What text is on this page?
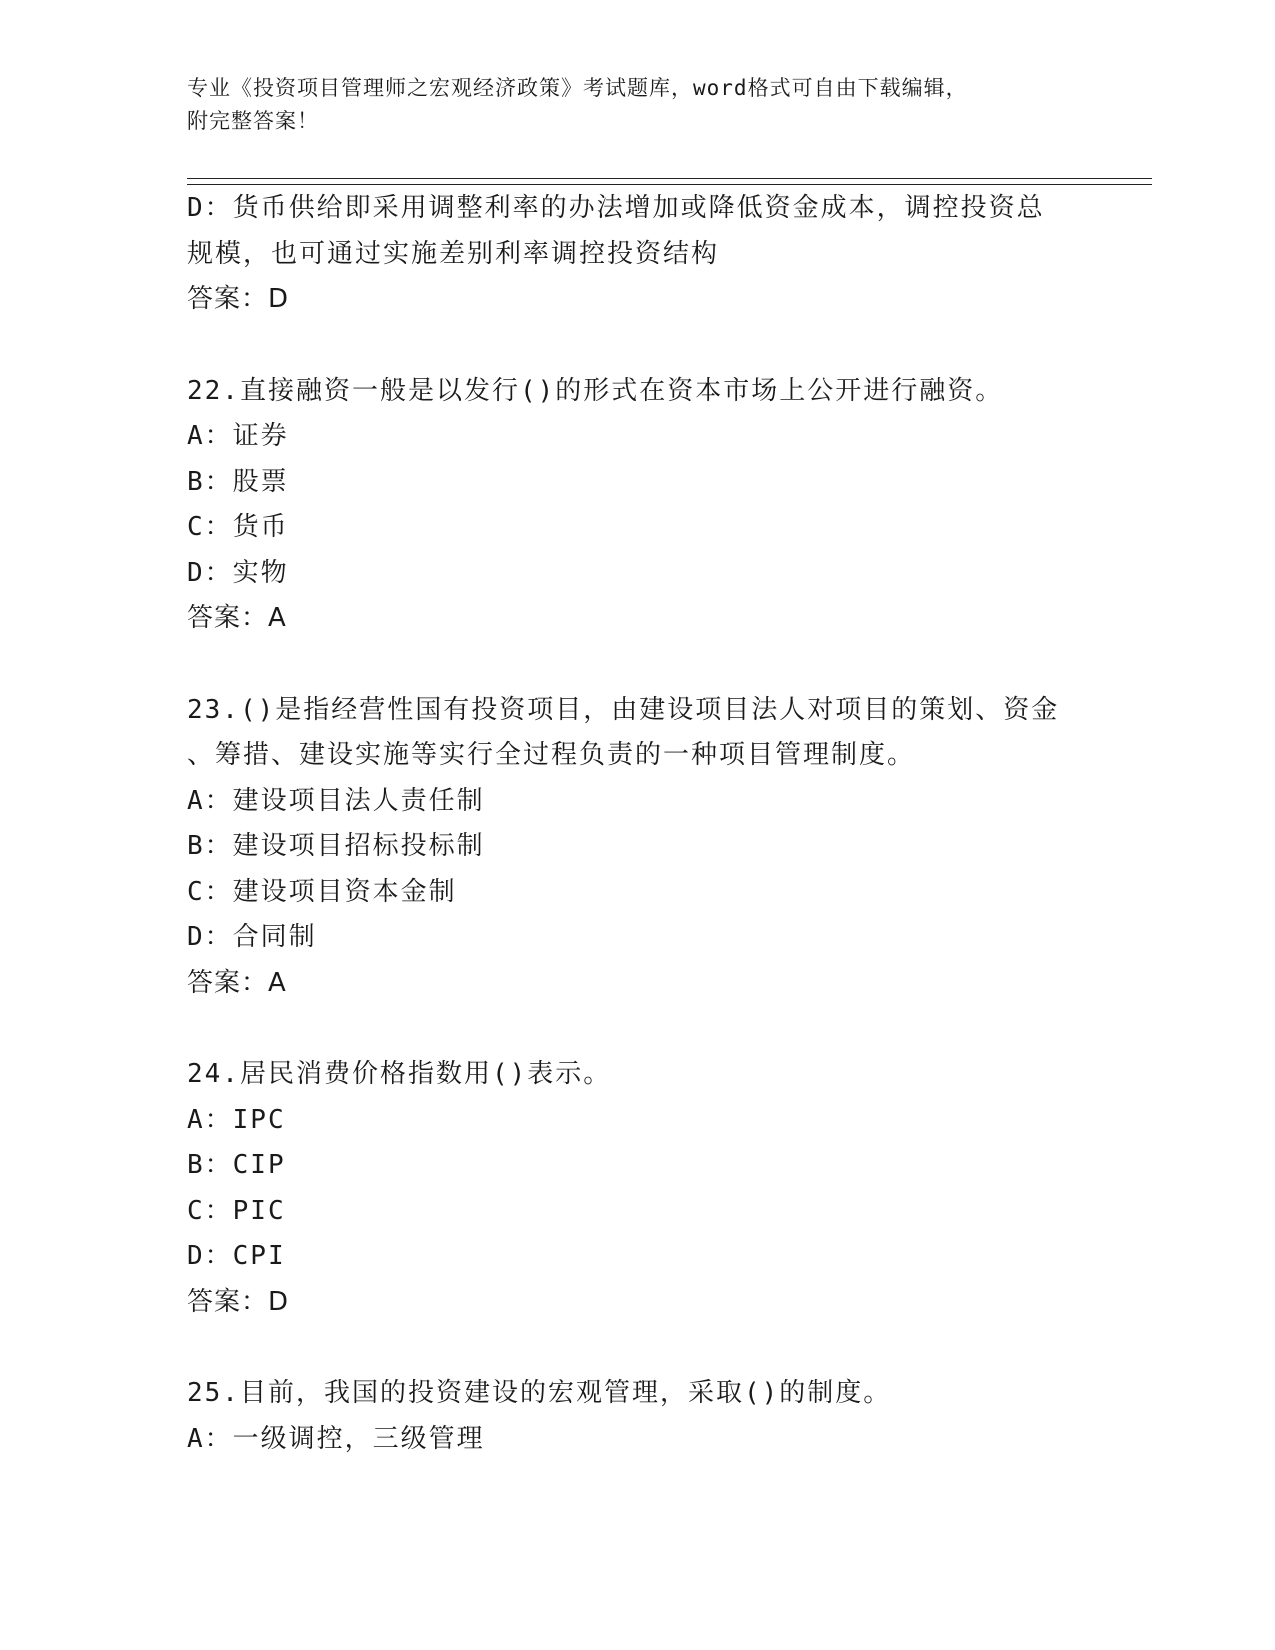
专业《投资项目管理师之宏观经济政策》考试题库，word格式可自由下载编辑，
附完整答案！
D：货币供给即采用调整利率的办法增加或降低资金成本，调控投资总
规模，也可通过实施差别利率调控投资结构
答案：D
22.直接融资一般是以发行()的形式在资本市场上公开进行融资。
A：证券
B：股票
C：货币
D：实物
答案：A
23.()是指经营性国有投资项目，由建设项目法人对项目的策划、资金
、筹措、建设实施等实行全过程负责的一种项目管理制度。
A：建设项目法人责任制
B：建设项目招标投标制
C：建设项目资本金制
D：合同制
答案：A
24.居民消费价格指数用()表示。
A：IPC
B：CIP
C：PIC
D：CPI
答案：D
25.目前，我国的投资建设的宏观管理，采取()的制度。
A：一级调控，三级管理
